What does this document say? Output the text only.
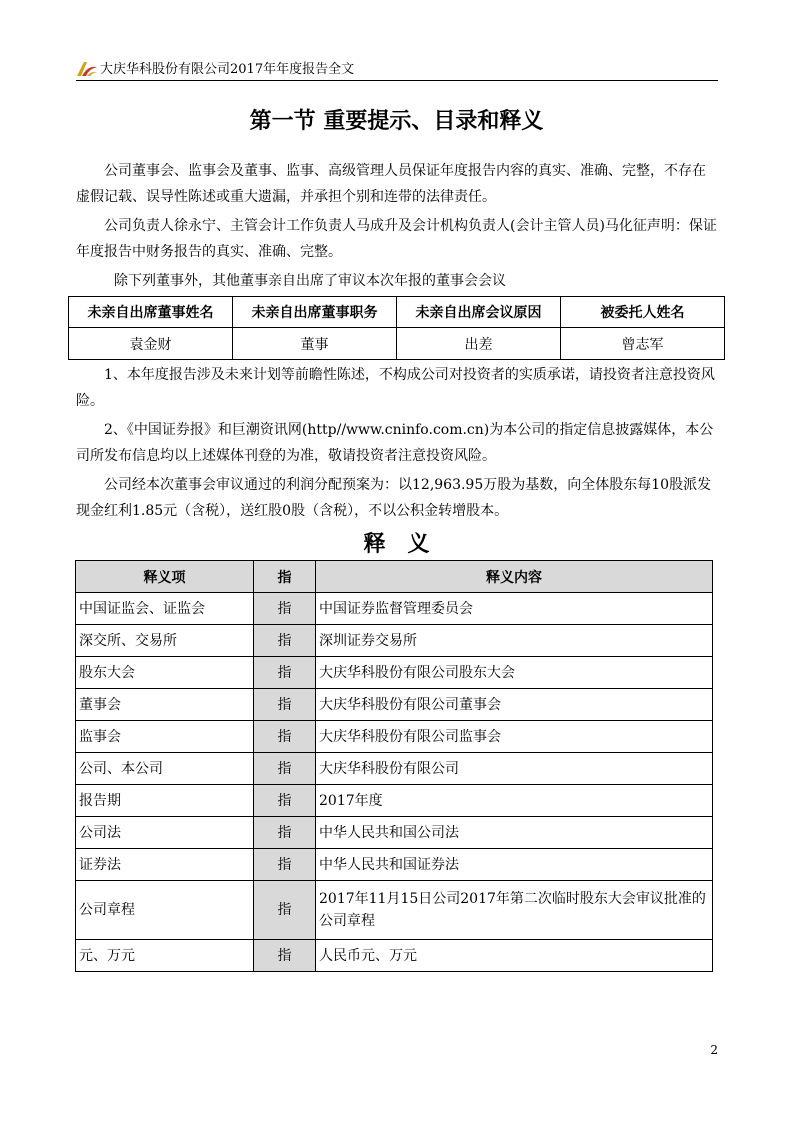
大庆华科股份有限公司2017年年度报告全文
第一节 重要提示、目录和释义

公司董事会、监事会及董事、监事、高级管理人员保证年度报告内容的真实、准确、完整，不存在虚假记载、误导性陈述或重大遗漏，并承担个别和连带的法律责任。

公司负责人徐永宁、主管会计工作负责人马成升及会计机构负责人(会计主管人员)马化征声明：保证年度报告中财务报告的真实、准确、完整。

除下列董事外，其他董事亲自出席了审议本次年报的董事会会议

未亲自出席董事姓名	未亲自出席董事职务	未亲自出席会议原因	被委托人姓名
袁金财	董事	出差	曾志军

1、本年度报告涉及未来计划等前瞻性陈述，不构成公司对投资者的实质承诺，请投资者注意投资风险。

2、《中国证券报》和巨潮资讯网(http//www.cninfo.com.cn)为本公司的指定信息披露媒体，本公司所发布信息均以上述媒体刊登的为准，敬请投资者注意投资风险。

公司经本次董事会审议通过的利润分配预案为：以12,963.95万股为基数，向全体股东每10股派发现金红利1.85元（含税），送红股0股（含税），不以公积金转增股本。

释义
释义项	指	释义内容
中国证监会、证监会	指	中国证券监督管理委员会
深交所、交易所	指	深圳证券交易所
股东大会	指	大庆华科股份有限公司股东大会
董事会	指	大庆华科股份有限公司董事会
监事会	指	大庆华科股份有限公司监事会
公司、本公司	指	大庆华科股份有限公司
报告期	指	2017年度
公司法	指	中华人民共和国公司法
证券法	指	中华人民共和国证券法
公司章程	指	2017年11月15日公司2017年第二次临时股东大会审议批准的公司章程
元、万元	指	人民币元、万元
2
